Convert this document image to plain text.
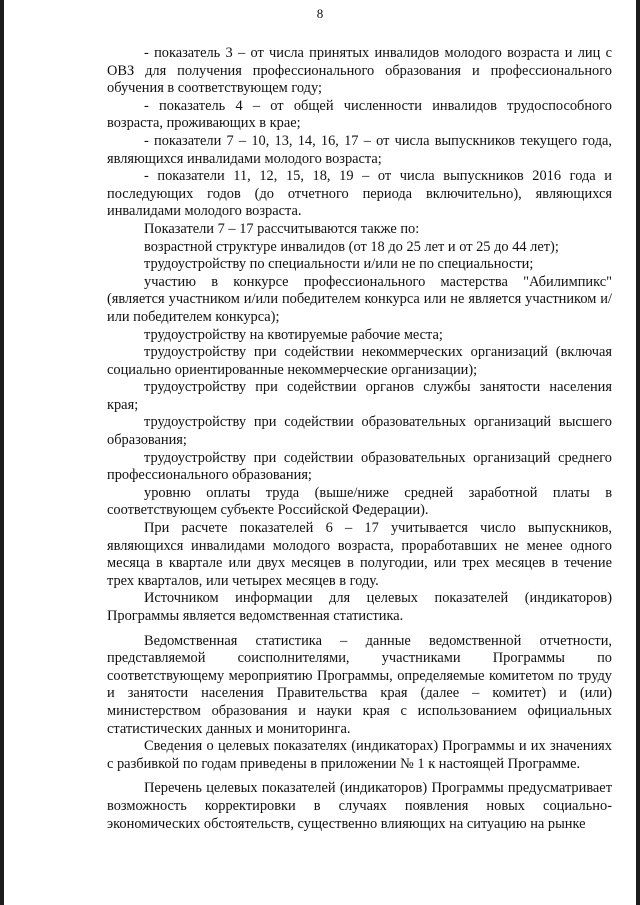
8

- показатель 3 – от числа принятых инвалидов молодого возраста и лиц с ОВЗ для получения профессионального образования и профессионального обучения в соответствующем году;

- показатель 4 – от общей численности инвалидов трудоспособного возраста, проживающих в крае;

- показатели 7 – 10, 13, 14, 16, 17 – от числа выпускников текущего года, являющихся инвалидами молодого возраста;

- показатели 11, 12, 15, 18, 19 – от числа выпускников 2016 года и последующих годов (до отчетного периода включительно), являющихся инвалидами молодого возраста.

Показатели 7 – 17 рассчитываются также по:

возрастной структуре инвалидов (от 18 до 25 лет и от 25 до 44 лет);

трудоустройству по специальности и/или не по специальности;

участию в конкурсе профессионального мастерства "Абилимпикс" (является участником и/или победителем конкурса или не является участником и/или победителем конкурса);

трудоустройству на квотируемые рабочие места;

трудоустройству при содействии некоммерческих организаций (включая социально ориентированные некоммерческие организации);

трудоустройству при содействии органов службы занятости населения края;

трудоустройству при содействии образовательных организаций высшего образования;

трудоустройству при содействии образовательных организаций среднего профессионального образования;

уровню оплаты труда (выше/ниже средней заработной платы в соответствующем субъекте Российской Федерации).

При расчете показателей 6 – 17 учитывается число выпускников, являющихся инвалидами молодого возраста, проработавших не менее одного месяца в квартале или двух месяцев в полугодии, или трех месяцев в течение трех кварталов, или четырех месяцев в году.

Источником информации для целевых показателей (индикаторов) Программы является ведомственная статистика.

Ведомственная статистика – данные ведомственной отчетности, представляемой соисполнителями, участниками Программы по соответствующему мероприятию Программы, определяемые комитетом по труду и занятости населения Правительства края (далее – комитет) и (или) министерством образования и науки края с использованием официальных статистических данных и мониторинга.

Сведения о целевых показателях (индикаторах) Программы и их значениях с разбивкой по годам приведены в приложении № 1 к настоящей Программе.

Перечень целевых показателей (индикаторов) Программы предусматривает возможность корректировки в случаях появления новых социально-экономических обстоятельств, существенно влияющих на ситуацию на рынке
